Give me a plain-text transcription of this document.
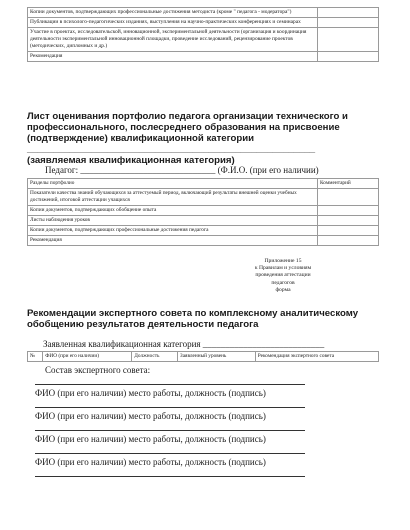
Копии документов, подтверждающих профессиональные достижения методиста (кроме " педагога - модератора")	
Публикации в психолого-педагогических изданиях, выступления на научно-практических конференциях и семинарах	
Участие в проектах, исследовательской, инновационной, экспериментальной деятельности (организация и координация деятельности экспериментальной инновационной площадки, проведение исследований, рецензирование проектов (методических, дипломных и др.)	
Рекомендация	
Лист оценивания портфолио педагога организации технического и профессионального, послесреднего образования на присвоение (подтверждение) квалификационной категории ______________________________________________________
(заявляемая квалификационная категория)
Педагог: ______________________________ (Ф.И.О. (при его наличии)
Разделы портфолио	Комментарий
Показатели качества знаний обучающихся за аттестуемый период, включающий результаты внешней оценки учебных достижений, итоговой аттестации учащихся	
Копии документов, подтверждающих обобщение опыта	
Листы наблюдения уроков	
Копии документов, подтверждающих профессиональные достижения педагога	
Рекомендация	
Приложение 15
к Правилам и условиям
проведения аттестации
педагогов
форма
Рекомендации экспертного совета по комплексному аналитическому обобщению результатов деятельности педагога
Заявленная квалификационная категория ___________________________
№	ФИО (при его наличии)	Должность	Заявленный уровень	Рекомендация экспертного совета
Состав экспертного совета:
ФИО (при его наличии) место работы, должность (подпись)
ФИО (при его наличии) место работы, должность (подпись)
ФИО (при его наличии) место работы, должность (подпись)
ФИО (при его наличии) место работы, должность (подпись)
